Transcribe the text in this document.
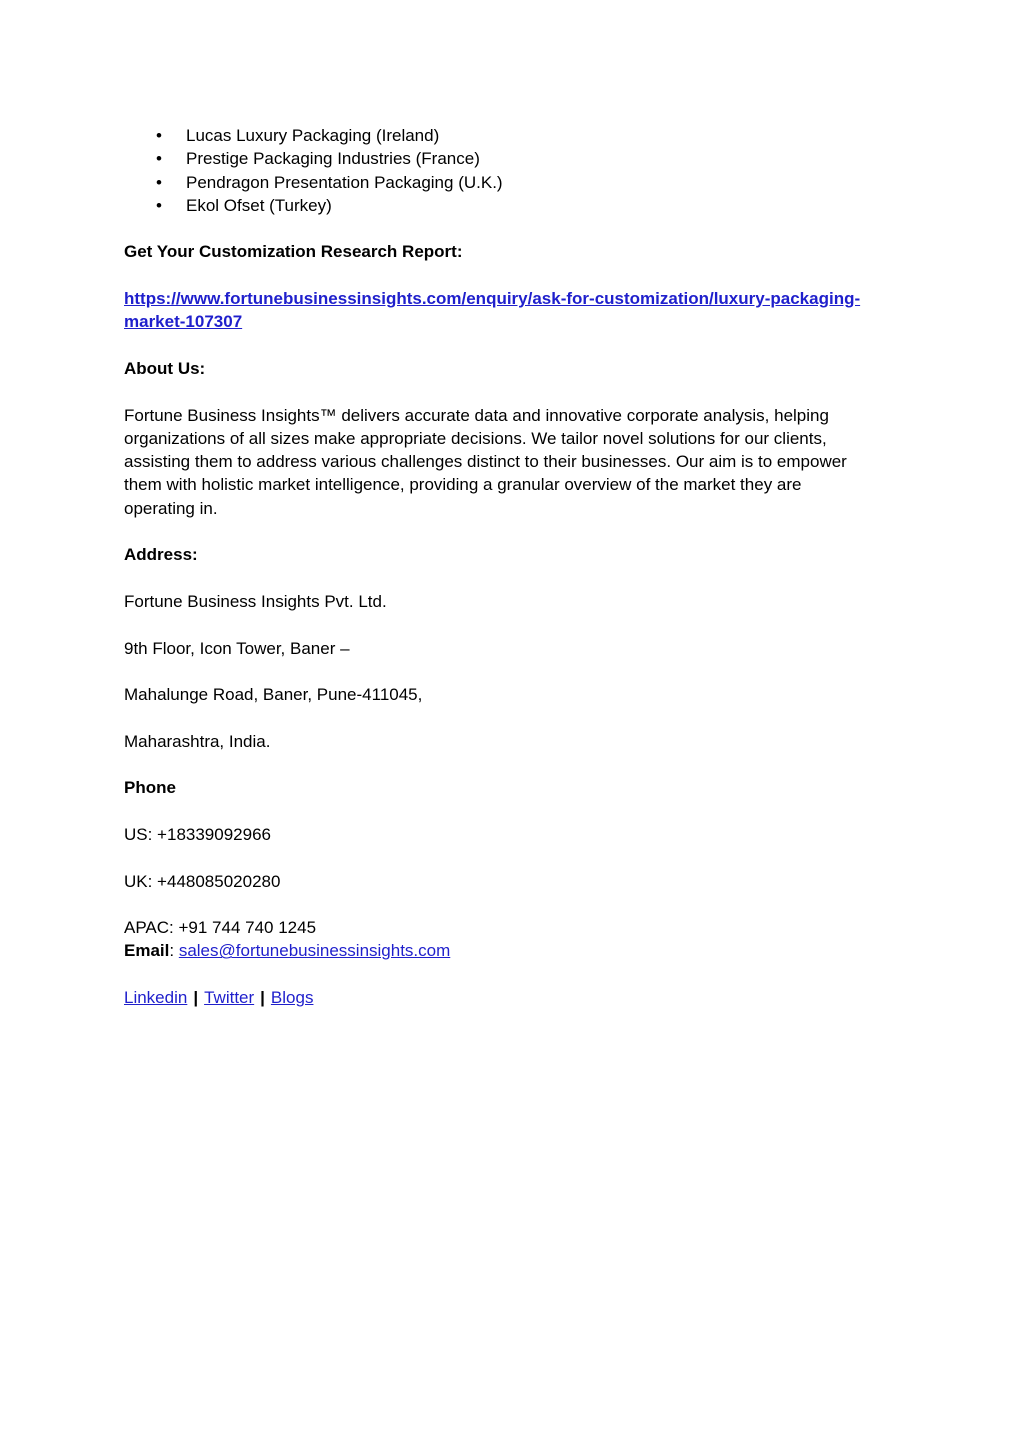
• Lucas Luxury Packaging (Ireland)
• Prestige Packaging Industries (France)
• Pendragon Presentation Packaging (U.K.)
• Ekol Ofset (Turkey)

Get Your Customization Research Report:

https://www.fortunebusinessinsights.com/enquiry/ask-for-customization/luxury-packaging-market-107307

About Us:

Fortune Business Insights™ delivers accurate data and innovative corporate analysis, helping organizations of all sizes make appropriate decisions. We tailor novel solutions for our clients, assisting them to address various challenges distinct to their businesses. Our aim is to empower them with holistic market intelligence, providing a granular overview of the market they are operating in.

Address:

Fortune Business Insights Pvt. Ltd.

9th Floor, Icon Tower, Baner –

Mahalunge Road, Baner, Pune-411045,

Maharashtra, India.

Phone

US: +18339092966

UK: +448085020280

APAC: +91 744 740 1245

Email: sales@fortunebusinessinsights.com

Linkedin | Twitter | Blogs
